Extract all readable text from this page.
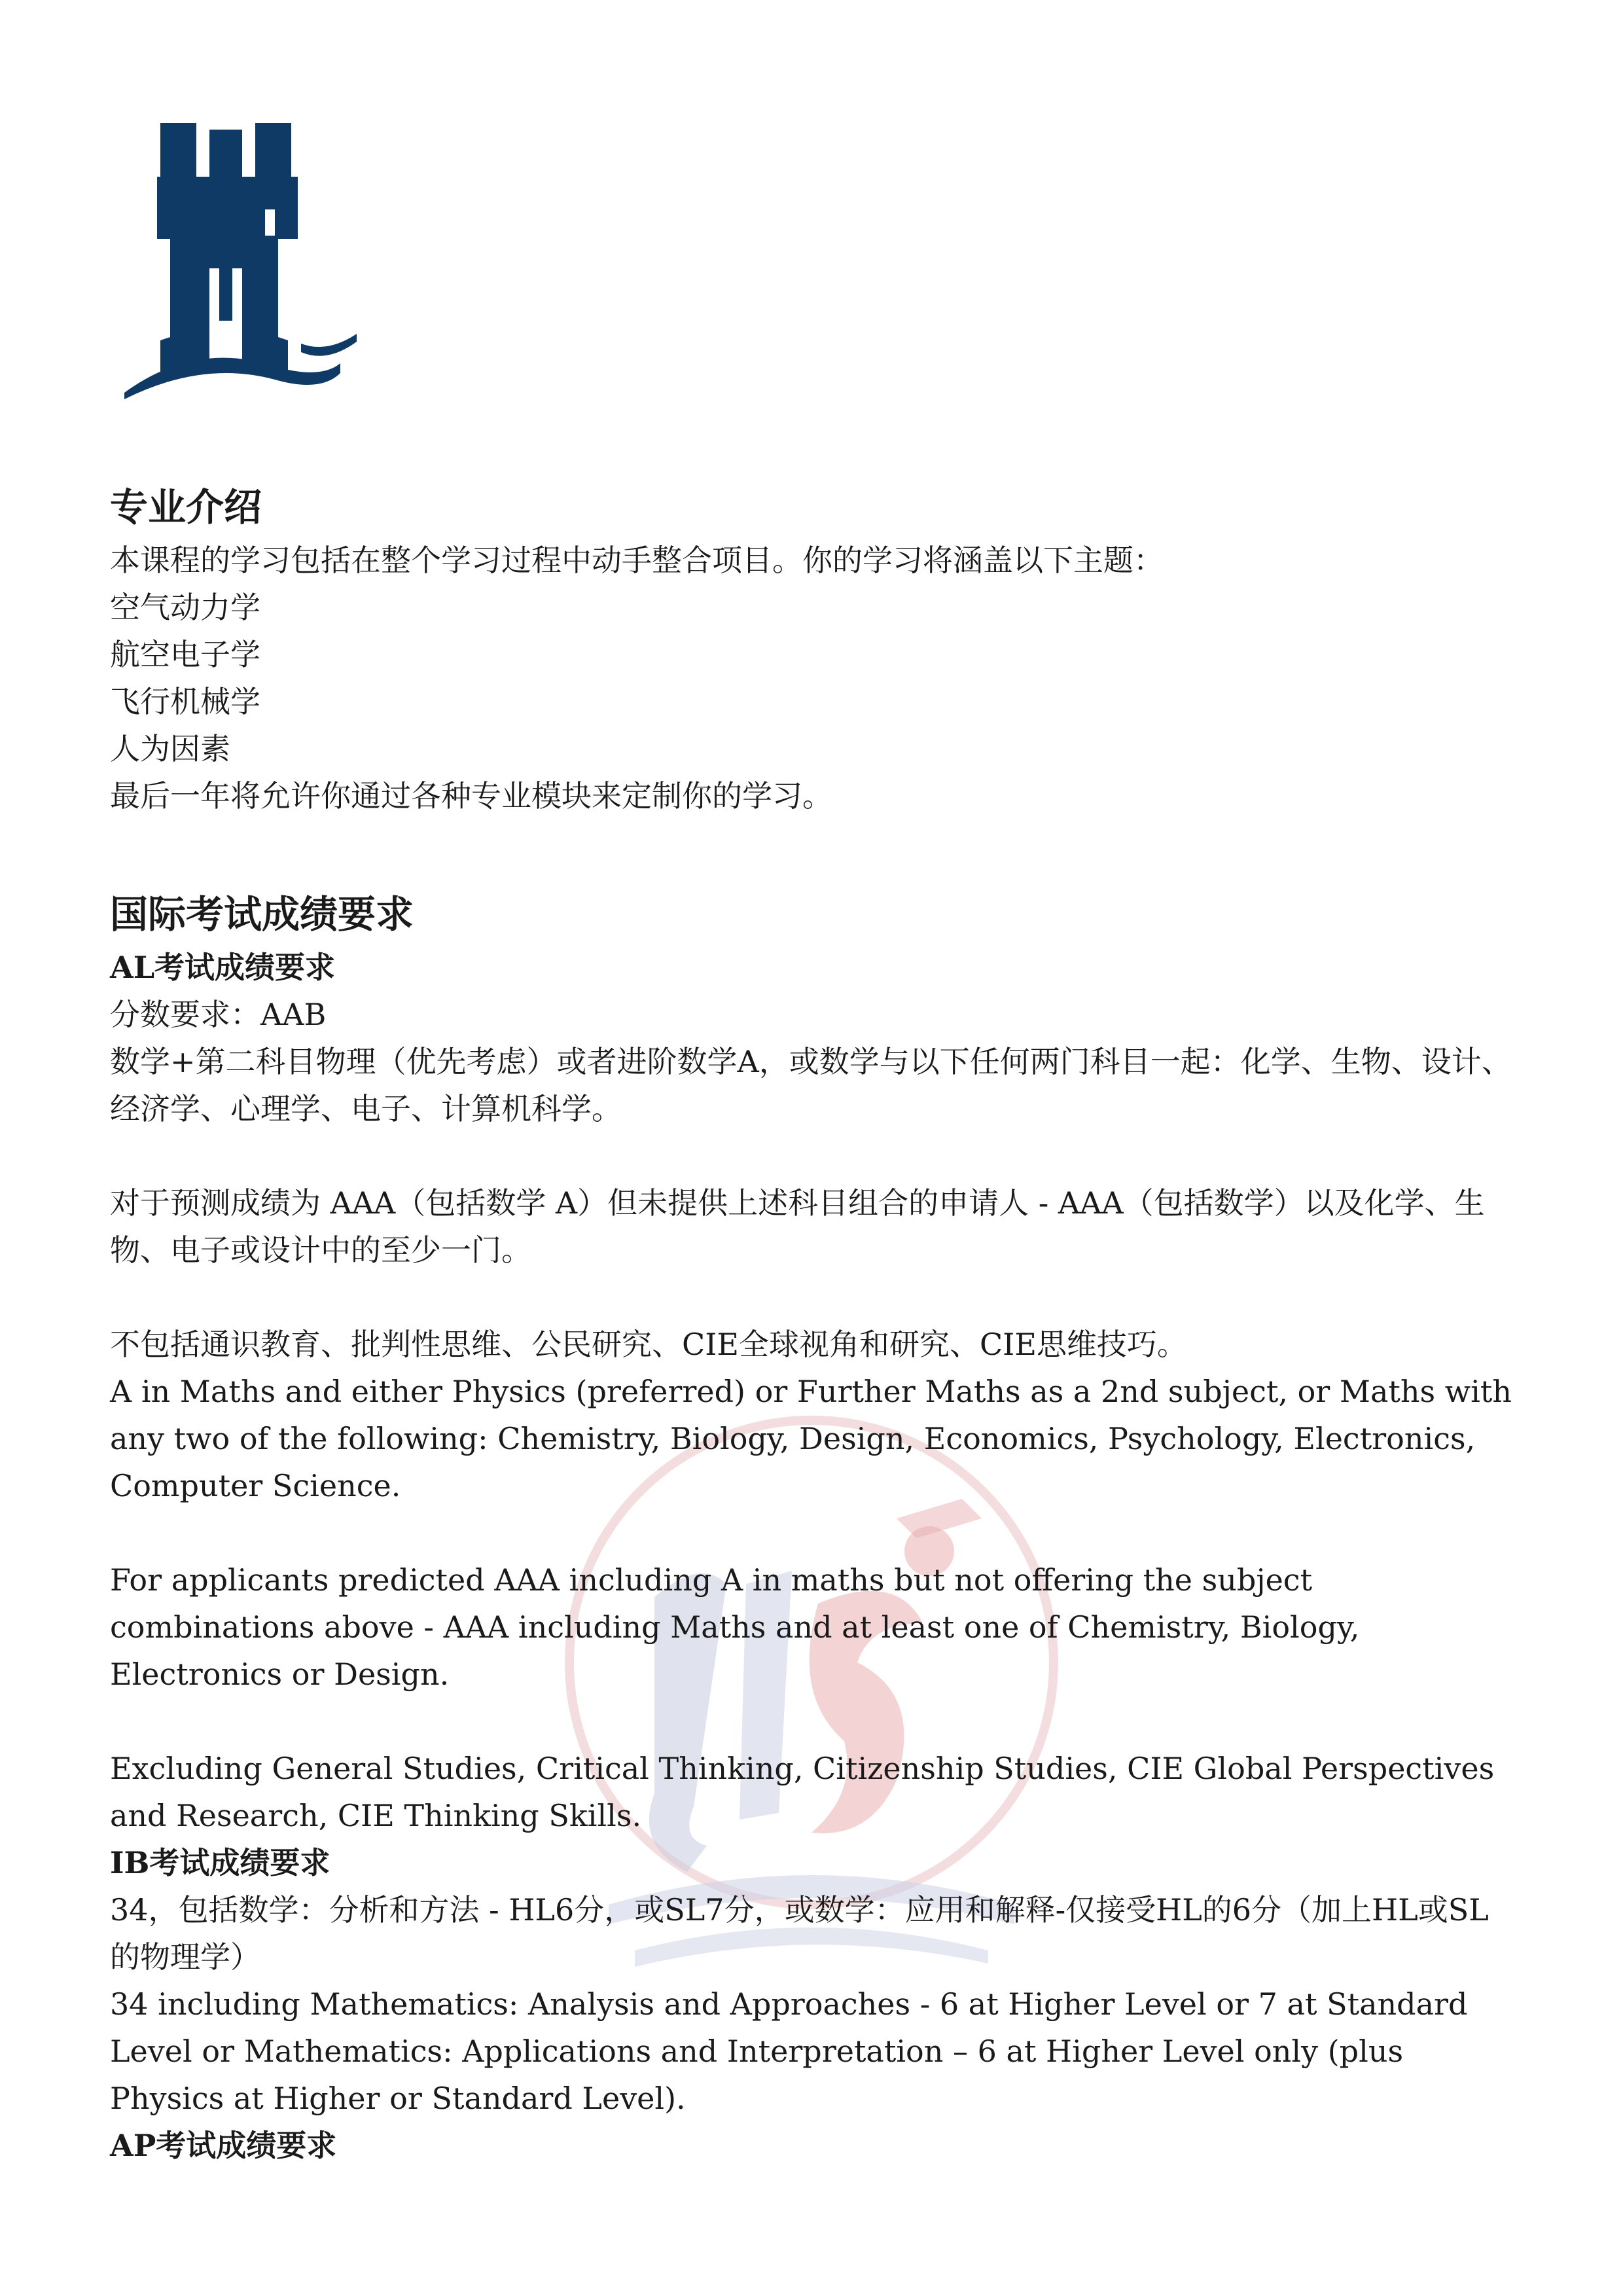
专业介绍

本课程的学习包括在整个学习过程中动手整合项目。你的学习将涵盖以下主题：

空气动力学

航空电子学

飞行机械学

人为因素

最后一年将允许你通过各种专业模块来定制你的学习。

国际考试成绩要求
AL考试成绩要求

分数要求：AAB

数学+第二科目物理（优先考虑）或者进阶数学A，或数学与以下任何两门科目一起：化学、生物、设计、经济学、心理学、电子、计算机科学。

对于预测成绩为 AAA（包括数学 A）但未提供上述科目组合的申请人 - AAA（包括数学）以及化学、生物、电子或设计中的至少一门。

不包括通识教育、批判性思维、公民研究、CIE全球视角和研究、CIE思维技巧。

A in Maths and either Physics (preferred) or Further Maths as a 2nd subject, or Maths with any two of the following: Chemistry, Biology, Design, Economics, Psychology, Electronics, Computer Science.

For applicants predicted AAA including A in maths but not offering the subject combinations above - AAA including Maths and at least one of Chemistry, Biology, Electronics or Design.

Excluding General Studies, Critical Thinking, Citizenship Studies, CIE Global Perspectives and Research, CIE Thinking Skills.

IB考试成绩要求

34，包括数学：分析和方法 - HL6分，或SL7分，或数学：应用和解释-仅接受HL的6分（加上HL或SL的物理学）

34 including Mathematics: Analysis and Approaches - 6 at Higher Level or 7 at Standard Level or Mathematics: Applications and Interpretation – 6 at Higher Level only (plus Physics at Higher or Standard Level).

AP考试成绩要求
